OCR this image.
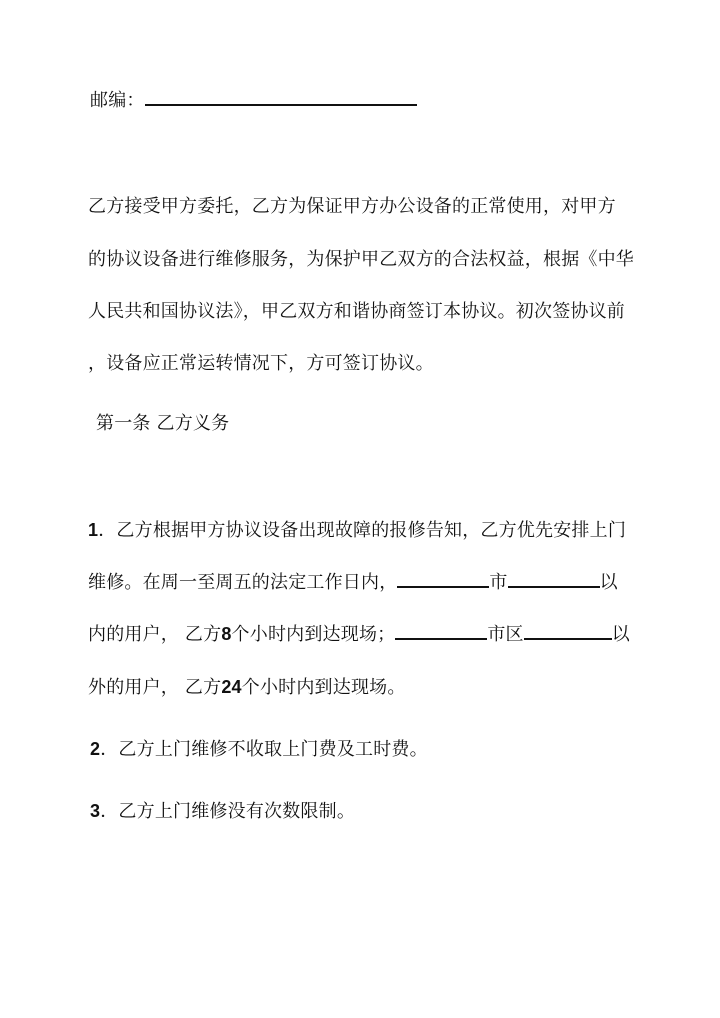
邮编：
乙方接受甲方委托，乙方为保证甲方办公设备的正常使用，对甲方
的协议设备进行维修服务，为保护甲乙双方的合法权益，根据《中华
人民共和国协议法》，甲乙双方和谐协商签订本协议。初次签协议前
，设备应正常运转情况下，方可签订协议。
第一条 乙方义务
1．乙方根据甲方协议设备出现故障的报修告知，乙方优先安排上门
维修。在周一至周五的法定工作日内，	市	以
内的用户， 乙方8个小时内到达现场；	市区	以
外的用户， 乙方24个小时内到达现场。
2．乙方上门维修不收取上门费及工时费。
3．乙方上门维修没有次数限制。
